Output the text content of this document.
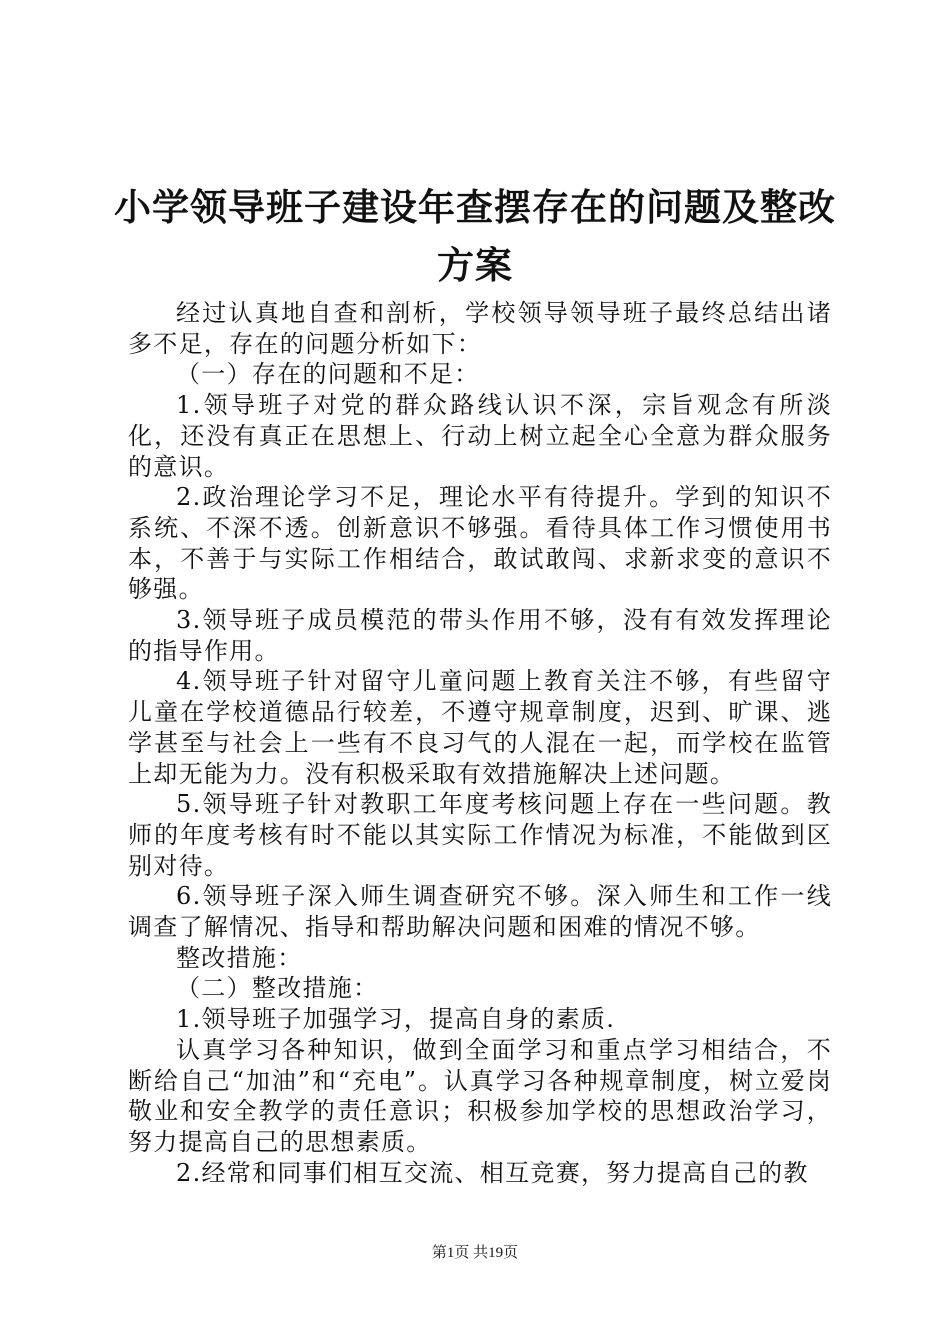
小学领导班子建设年查摆存在的问题及整改方案

经过认真地自查和剖析，学校领导领导班子最终总结出诸多不足，存在的问题分析如下：

（一）存在的问题和不足：

1.领导班子对党的群众路线认识不深，宗旨观念有所淡化，还没有真正在思想上、行动上树立起全心全意为群众服务的意识。

2.政治理论学习不足，理论水平有待提升。学到的知识不系统、不深不透。创新意识不够强。看待具体工作习惯使用书本，不善于与实际工作相结合，敢试敢闯、求新求变的意识不够强。

3.领导班子成员模范的带头作用不够，没有有效发挥理论的指导作用。

4.领导班子针对留守儿童问题上教育关注不够，有些留守儿童在学校道德品行较差，不遵守规章制度，迟到、旷课、逃学甚至与社会上一些有不良习气的人混在一起，而学校在监管上却无能为力。没有积极采取有效措施解决上述问题。

5.领导班子针对教职工年度考核问题上存在一些问题。教师的年度考核有时不能以其实际工作情况为标准，不能做到区别对待。

6.领导班子深入师生调查研究不够。深入师生和工作一线调查了解情况、指导和帮助解决问题和困难的情况不够。

整改措施：

（二）整改措施：

1.领导班子加强学习，提高自身的素质.

认真学习各种知识，做到全面学习和重点学习相结合，不断给自己“加油”和“充电”。认真学习各种规章制度，树立爱岗敬业和安全教学的责任意识；积极参加学校的思想政治学习，努力提高自己的思想素质。

2.经常和同事们相互交流、相互竞赛，努力提高自己的教

第1页 共19页
